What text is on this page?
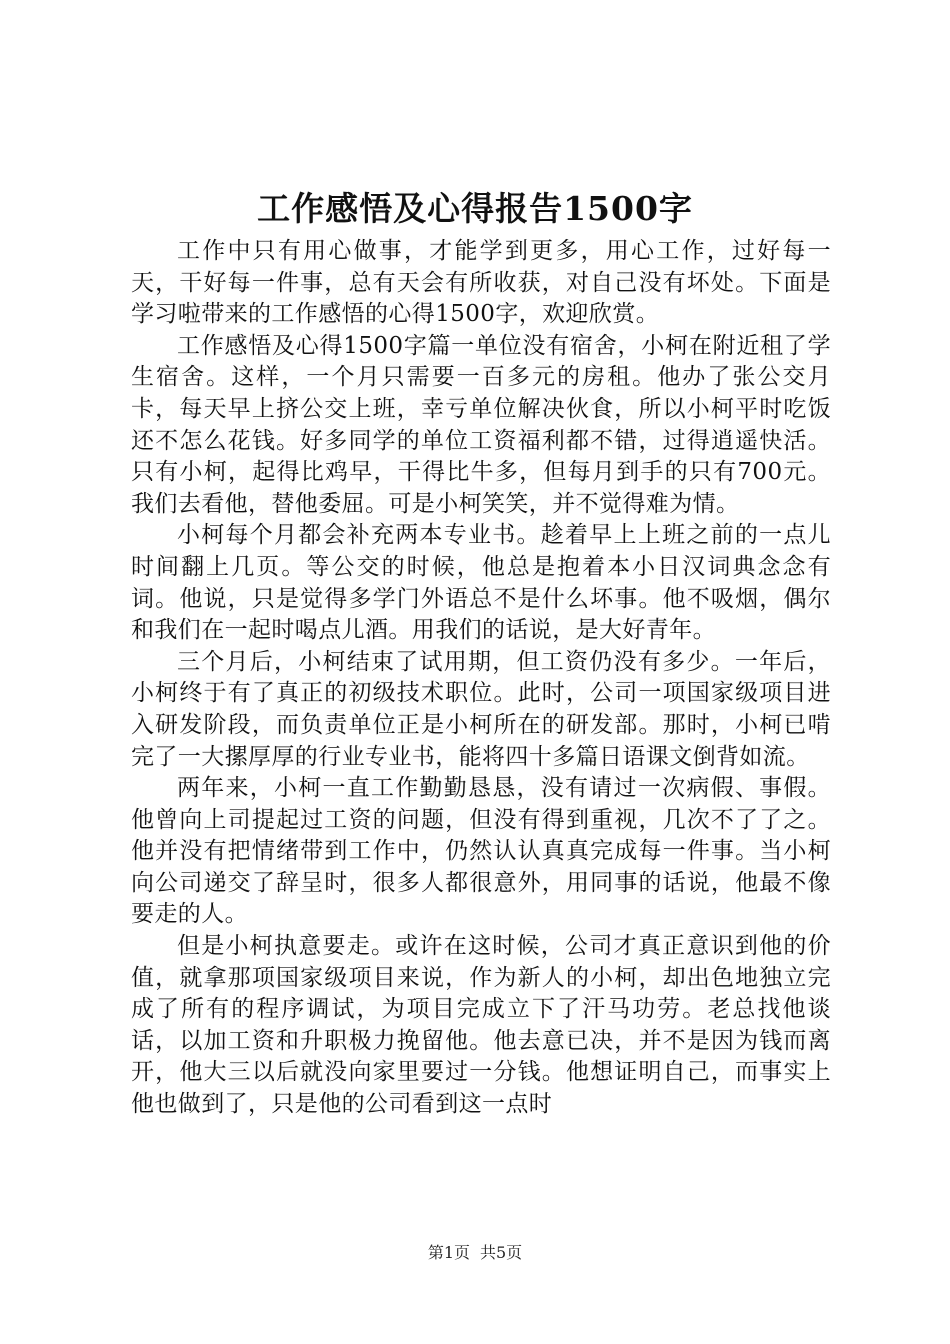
工作感悟及心得报告1500字

工作中只有用心做事，才能学到更多，用心工作，过好每一天，干好每一件事，总有天会有所收获，对自己没有坏处。下面是学习啦带来的工作感悟的心得1500字，欢迎欣赏。

工作感悟及心得1500字篇一单位没有宿舍，小柯在附近租了学生宿舍。这样，一个月只需要一百多元的房租。他办了张公交月卡，每天早上挤公交上班，幸亏单位解决伙食，所以小柯平时吃饭还不怎么花钱。好多同学的单位工资福利都不错，过得逍遥快活。只有小柯，起得比鸡早，干得比牛多，但每月到手的只有700元。我们去看他，替他委屈。可是小柯笑笑，并不觉得难为情。

小柯每个月都会补充两本专业书。趁着早上上班之前的一点儿时间翻上几页。等公交的时候，他总是抱着本小日汉词典念念有词。他说，只是觉得多学门外语总不是什么坏事。他不吸烟，偶尔和我们在一起时喝点儿酒。用我们的话说，是大好青年。

三个月后，小柯结束了试用期，但工资仍没有多少。一年后，小柯终于有了真正的初级技术职位。此时，公司一项国家级项目进入研发阶段，而负责单位正是小柯所在的研发部。那时，小柯已啃完了一大摞厚厚的行业专业书，能将四十多篇日语课文倒背如流。

两年来，小柯一直工作勤勤恳恳，没有请过一次病假、事假。他曾向上司提起过工资的问题，但没有得到重视，几次不了了之。他并没有把情绪带到工作中，仍然认认真真完成每一件事。当小柯向公司递交了辞呈时，很多人都很意外，用同事的话说，他最不像要走的人。

但是小柯执意要走。或许在这时候，公司才真正意识到他的价值，就拿那项国家级项目来说，作为新人的小柯，却出色地独立完成了所有的程序调试，为项目完成立下了汗马功劳。老总找他谈话，以加工资和升职极力挽留他。他去意已决，并不是因为钱而离开，他大三以后就没向家里要过一分钱。他想证明自己，而事实上他也做到了，只是他的公司看到这一点时

第1页 共5页
